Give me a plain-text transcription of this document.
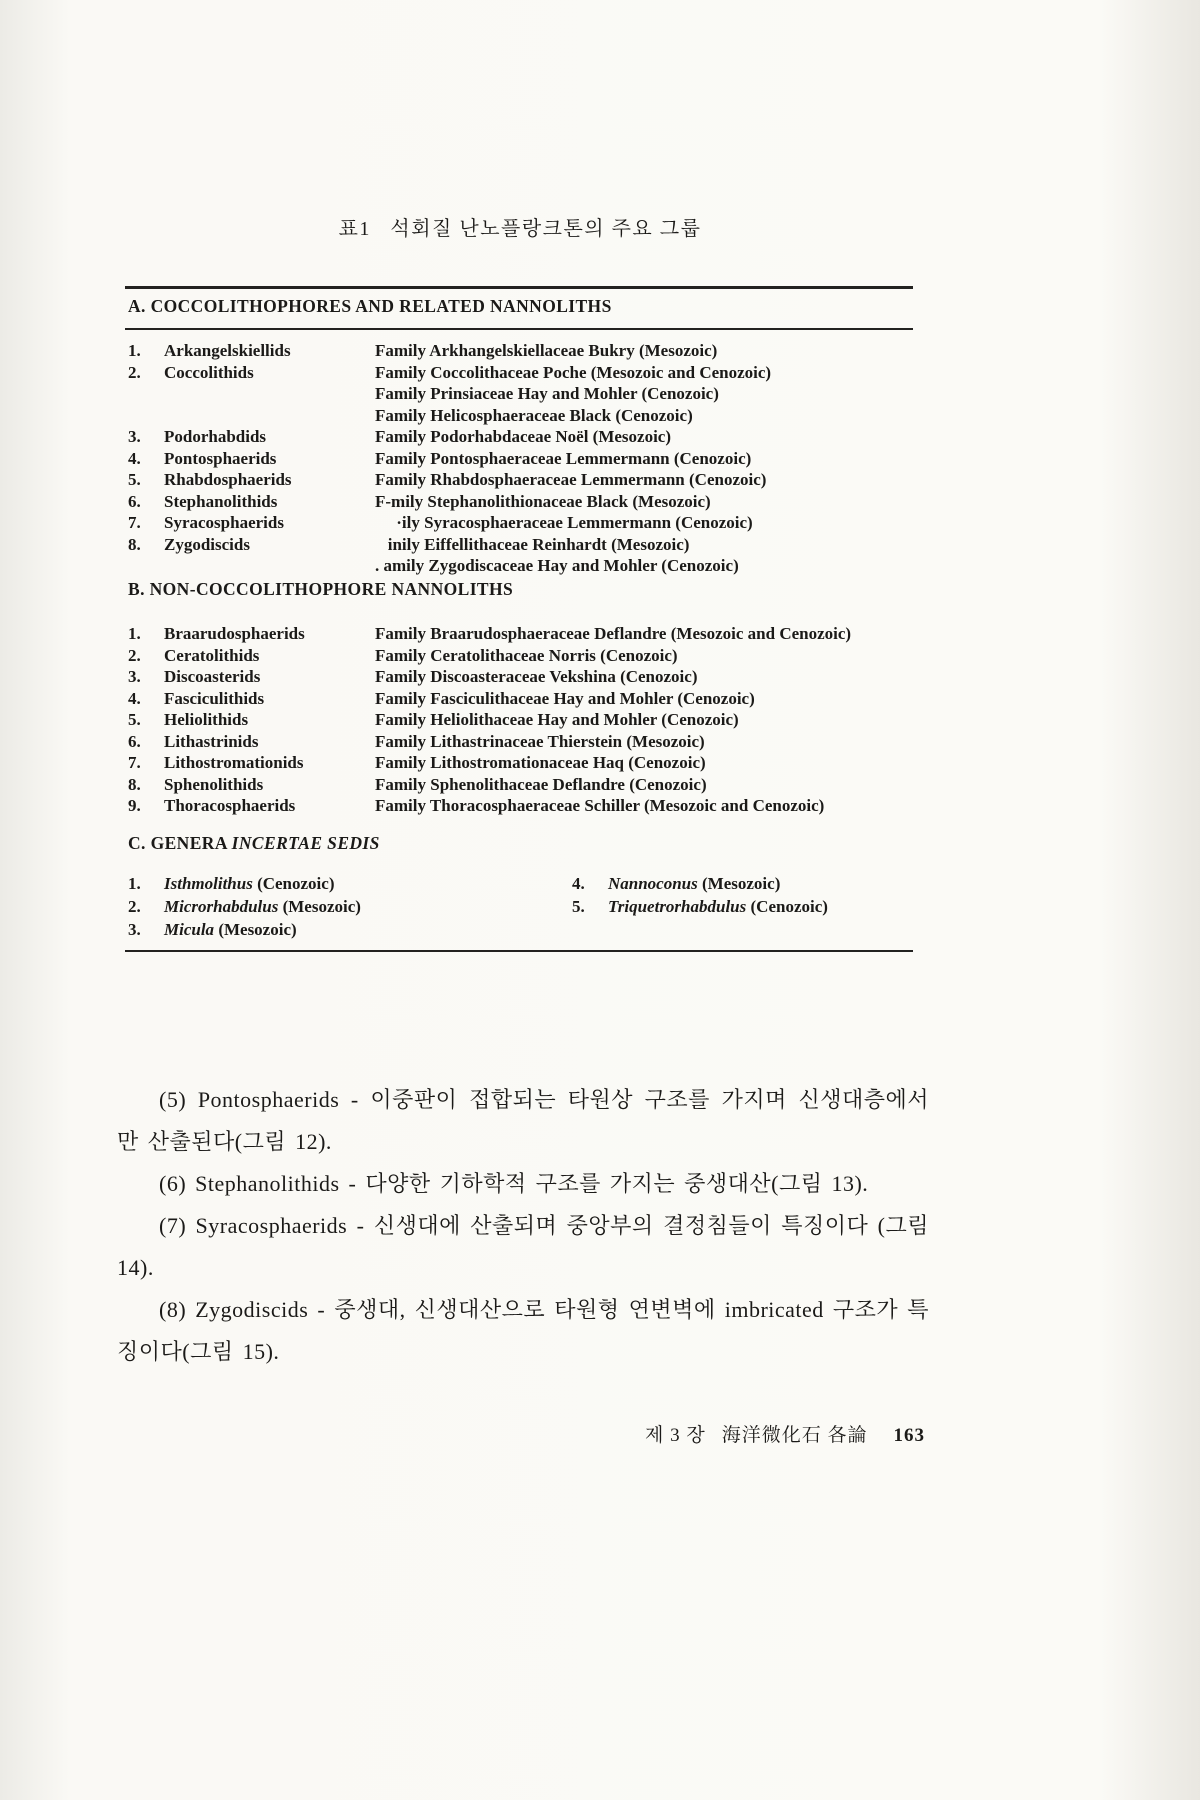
표1   석회질 난노플랑크톤의 주요 그룹
A. COCCOLITHOPHORES AND RELATED NANNOLITHS
1.	Arkangelskiellids	Family Arkhangelskiellaceae Bukry (Mesozoic)
2.	Coccolithids	Family Coccolithaceae Poche (Mesozoic and Cenozoic)
Family Prinsiaceae Hay and Mohler (Cenozoic)
Family Helicosphaeraceae Black (Cenozoic)
3.	Podorhabdids	Family Podorhabdaceae Noël (Mesozoic)
4.	Pontosphaerids	Family Pontosphaeraceae Lemmermann (Cenozoic)
5.	Rhabdosphaerids	Family Rhabdosphaeraceae Lemmermann (Cenozoic)
6.	Stephanolithids	F-mily Stephanolithionaceae Black (Mesozoic)
7.	Syracosphaerids	·ily Syracosphaeraceae Lemmermann (Cenozoic)
8.	Zygodiscids	inily Eiffellithaceae Reinhardt (Mesozoic)
. amily Zygodiscaceae Hay and Mohler (Cenozoic)
B. NON-COCCOLITHOPHORE NANNOLITHS
1.	Braarudosphaerids	Family Braarudosphaeraceae Deflandre (Mesozoic and Cenozoic)
2.	Ceratolithids	Family Ceratolithaceae Norris (Cenozoic)
3.	Discoasterids	Family Discoasteraceae Vekshina (Cenozoic)
4.	Fasciculithids	Family Fasciculithaceae Hay and Mohler (Cenozoic)
5.	Heliolithids	Family Heliolithaceae Hay and Mohler (Cenozoic)
6.	Lithastrinids	Family Lithastrinaceae Thierstein (Mesozoic)
7.	Lithostromationids	Family Lithostromationaceae Haq (Cenozoic)
8.	Sphenolithids	Family Sphenolithaceae Deflandre (Cenozoic)
9.	Thoracosphaerids	Family Thoracosphaeraceae Schiller (Mesozoic and Cenozoic)
C. GENERA INCERTAE SEDIS
1.	Isthmolithus (Cenozoic)
2.	Microrhabdulus (Mesozoic)
3.	Micula (Mesozoic)
4.	Nannoconus (Mesozoic)
5.	Triquetrorhabdulus (Cenozoic)

(5) Pontosphaerids - 이중판이 접합되는 타원상 구조를 가지며 신생대층에서만 산출된다(그림 12).

(6) Stephanolithids - 다양한 기하학적 구조를 가지는 중생대산(그림 13).

(7) Syracosphaerids - 신생대에 산출되며 중앙부의 결정침들이 특징이다 (그림 14).

(8) Zygodiscids - 중생대, 신생대산으로 타원형 연변벽에 imbricated 구조가 특징이다(그림 15).

제 3 장 海洋微化石 各論 163
